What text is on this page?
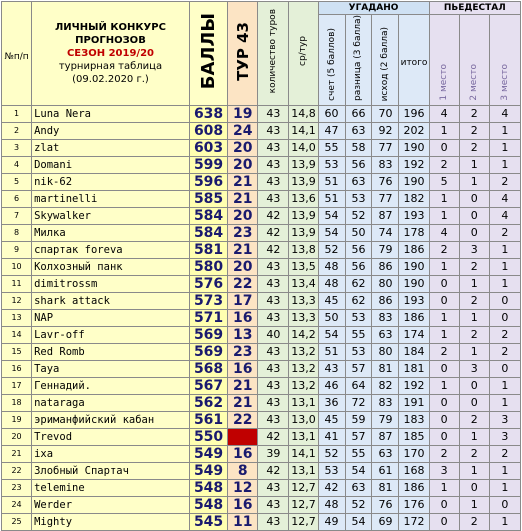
№п/п	ЛИЧНЫЙ КОНКУРС
ПРОГНОЗОВ
СЕЗОН 2019/20
турнирная таблица
(09.02.2020 г.)	БАЛЛЫ	ТУР 43	количество туров	ср/тур	УГАДАНО				ПЬЕДЕСТАЛ		
						счет (5 баллов)	разница (3 балла)	исход (2 балла)	итого	1 место	2 место	3 место
1	Luna Nera	638	19	43	14,8	60	66	70	196	4	2	4
2	Andy	608	24	43	14,1	47	63	92	202	1	2	1
3	zlat	603	20	43	14,0	55	58	77	190	0	2	1
4	Domani	599	20	43	13,9	53	56	83	192	2	1	1
5	nik-62	596	21	43	13,9	51	63	76	190	5	1	2
6	martinelli	585	21	43	13,6	51	53	77	182	1	0	4
7	Skywalker	584	20	42	13,9	54	52	87	193	1	0	4
8	Милка	584	23	42	13,9	54	50	74	178	4	0	2
9	спартак foreva	581	21	42	13,8	52	56	79	186	2	3	1
10	Колхозный панк	580	20	43	13,5	48	56	86	190	1	2	1
11	dimitrossm	576	22	43	13,4	48	62	80	190	0	1	1
12	shark attack	573	17	43	13,3	45	62	86	193	0	2	0
13	NAP	571	16	43	13,3	50	53	83	186	1	1	0
14	Lavr-off	569	13	40	14,2	54	55	63	174	1	2	2
15	Red Romb	569	23	43	13,2	51	53	80	184	2	1	2
16	Taya	568	16	43	13,2	43	57	81	181	0	3	0
17	Геннадий.	567	21	43	13,2	46	64	82	192	1	0	1
18	nataraga	562	21	43	13,1	36	72	83	191	0	0	1
19	эриманфийский кабан	561	22	43	13,0	45	59	79	183	0	2	3
20	Trevod	550		42	13,1	41	57	87	185	0	1	3
21	ixa	549	16	39	14,1	52	55	63	170	2	2	2
22	Злобный Спартач	549	8	42	13,1	53	54	61	168	3	1	1
23	telemine	548	12	43	12,7	42	63	81	186	1	0	1
24	Werder	548	16	43	12,7	48	52	76	176	0	1	0
25	Mighty	545	11	43	12,7	49	54	69	172	0	2	1
